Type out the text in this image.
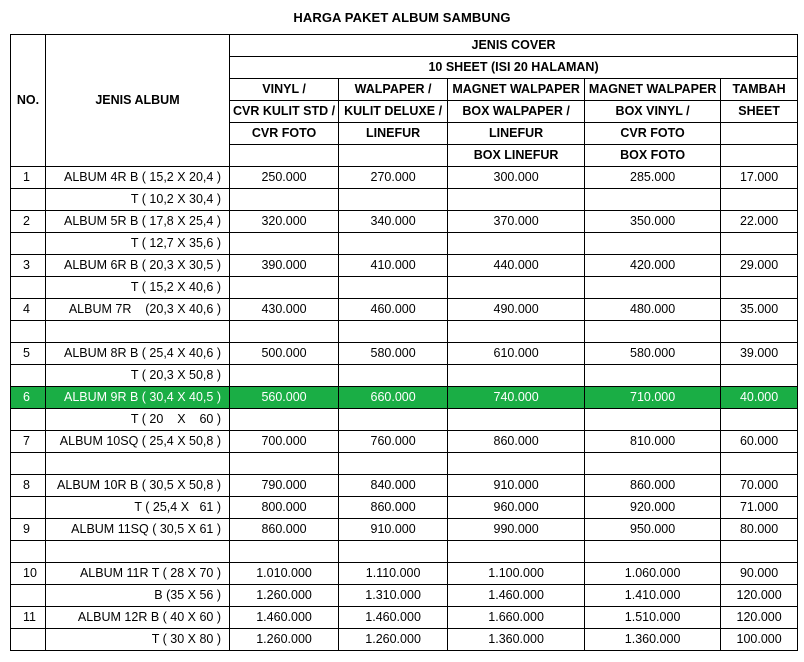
HARGA PAKET ALBUM SAMBUNG
NO.	JENIS ALBUM	JENIS COVER				
		10 SHEET (ISI 20 HALAMAN)				
		VINYL /	WALPAPER /	MAGNET WALPAPER	MAGNET WALPAPER	TAMBAH
		CVR KULIT STD /	KULIT DELUXE /	BOX WALPAPER /	BOX VINYL /	SHEET
		CVR FOTO	LINEFUR	LINEFUR	CVR FOTO	
				BOX LINEFUR	BOX FOTO	
1	ALBUM 4R B ( 15,2 X 20,4 )	250.000	270.000	300.000	285.000	17.000
	T ( 10,2 X 30,4 )					
2	ALBUM 5R B ( 17,8 X 25,4 )	320.000	340.000	370.000	350.000	22.000
	T ( 12,7 X 35,6 )					
3	ALBUM 6R B ( 20,3 X 30,5 )	390.000	410.000	440.000	420.000	29.000
	T ( 15,2 X 40,6 )					
4	ALBUM 7R    (20,3 X 40,6 )	430.000	460.000	490.000	480.000	35.000

5	ALBUM 8R B ( 25,4 X 40,6 )	500.000	580.000	610.000	580.000	39.000
	T ( 20,3 X 50,8 )					
6	ALBUM 9R B ( 30,4 X 40,5 )	560.000	660.000	740.000	710.000	40.000
	T ( 20    X    60 )					
7	ALBUM 10SQ ( 25,4 X 50,8 )	700.000	760.000	860.000	810.000	60.000

8	ALBUM 10R B ( 30,5 X 50,8 )	790.000	840.000	910.000	860.000	70.000
	T ( 25,4 X   61 )	800.000	860.000	960.000	920.000	71.000
9	ALBUM 11SQ ( 30,5 X 61 )	860.000	910.000	990.000	950.000	80.000

10	ALBUM 11R T ( 28 X 70 )	1.010.000	1.110.000	1.100.000	1.060.000	90.000
	B (35 X 56 )	1.260.000	1.310.000	1.460.000	1.410.000	120.000
11	ALBUM 12R B ( 40 X 60 )	1.460.000	1.460.000	1.660.000	1.510.000	120.000
	T ( 30 X 80 )	1.260.000	1.260.000	1.360.000	1.360.000	100.000
